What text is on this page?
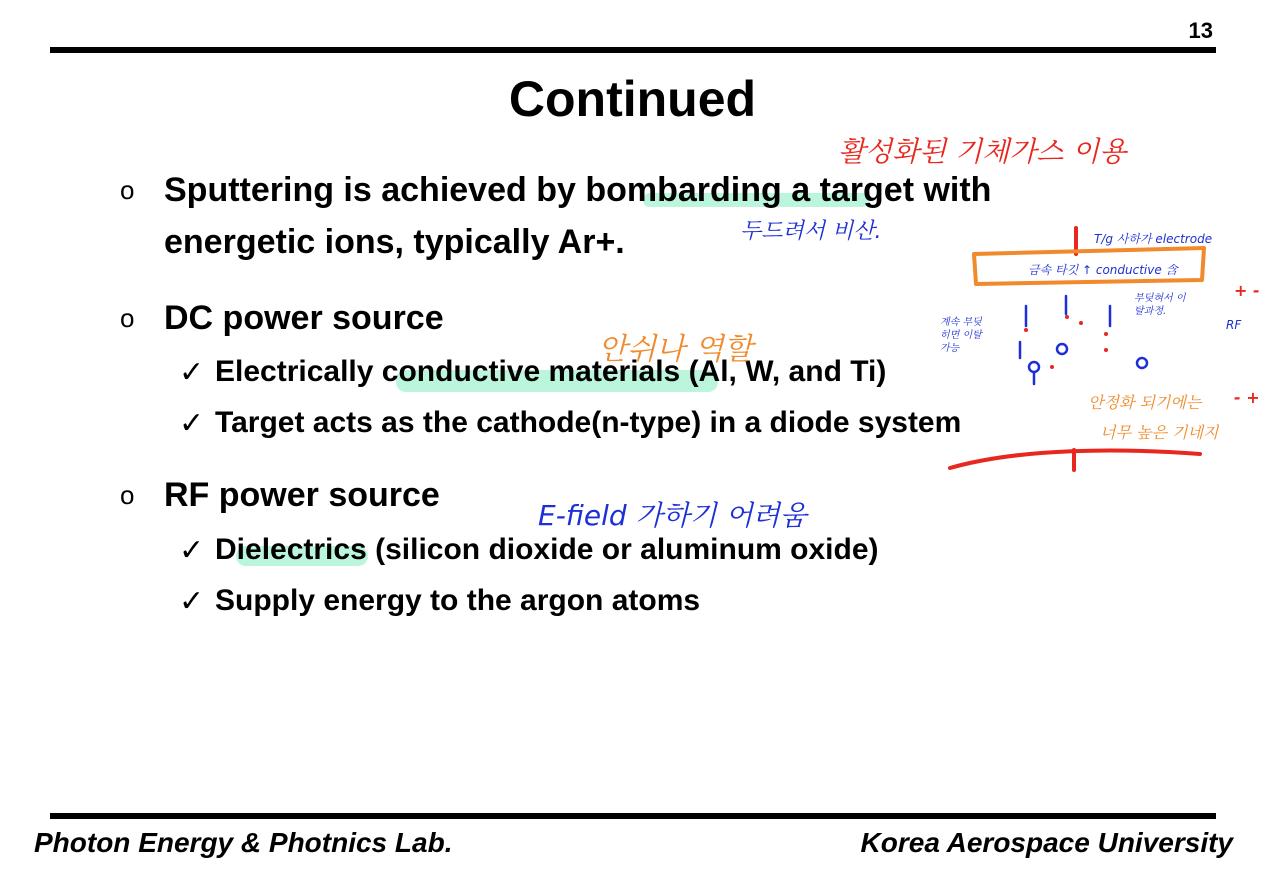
13
Continued
o Sputtering is achieved by bombarding a target with
energetic ions, typically Ar+.
o DC power source
✓ Electrically conductive materials (Al, W, and Ti)
✓ Target acts as the cathode(n-type) in a diode system
o RF power source
✓ Dielectrics (silicon dioxide or aluminum oxide)
✓ Supply energy to the argon atoms
활성화된 기체가스 이용
두드려서 비산.
안쉬나 역할
E-field 가하기 어려움
T/g 사하가 electrode
금속 타깃 ↑ conductive 含
계속 부딪히면 이탈가능
부딪혀서 이탈과정.
RF
+ -
- +
안정화 되기에는
너무 높은 기네지
Photon Energy & Photnics Lab.	Korea Aerospace University
